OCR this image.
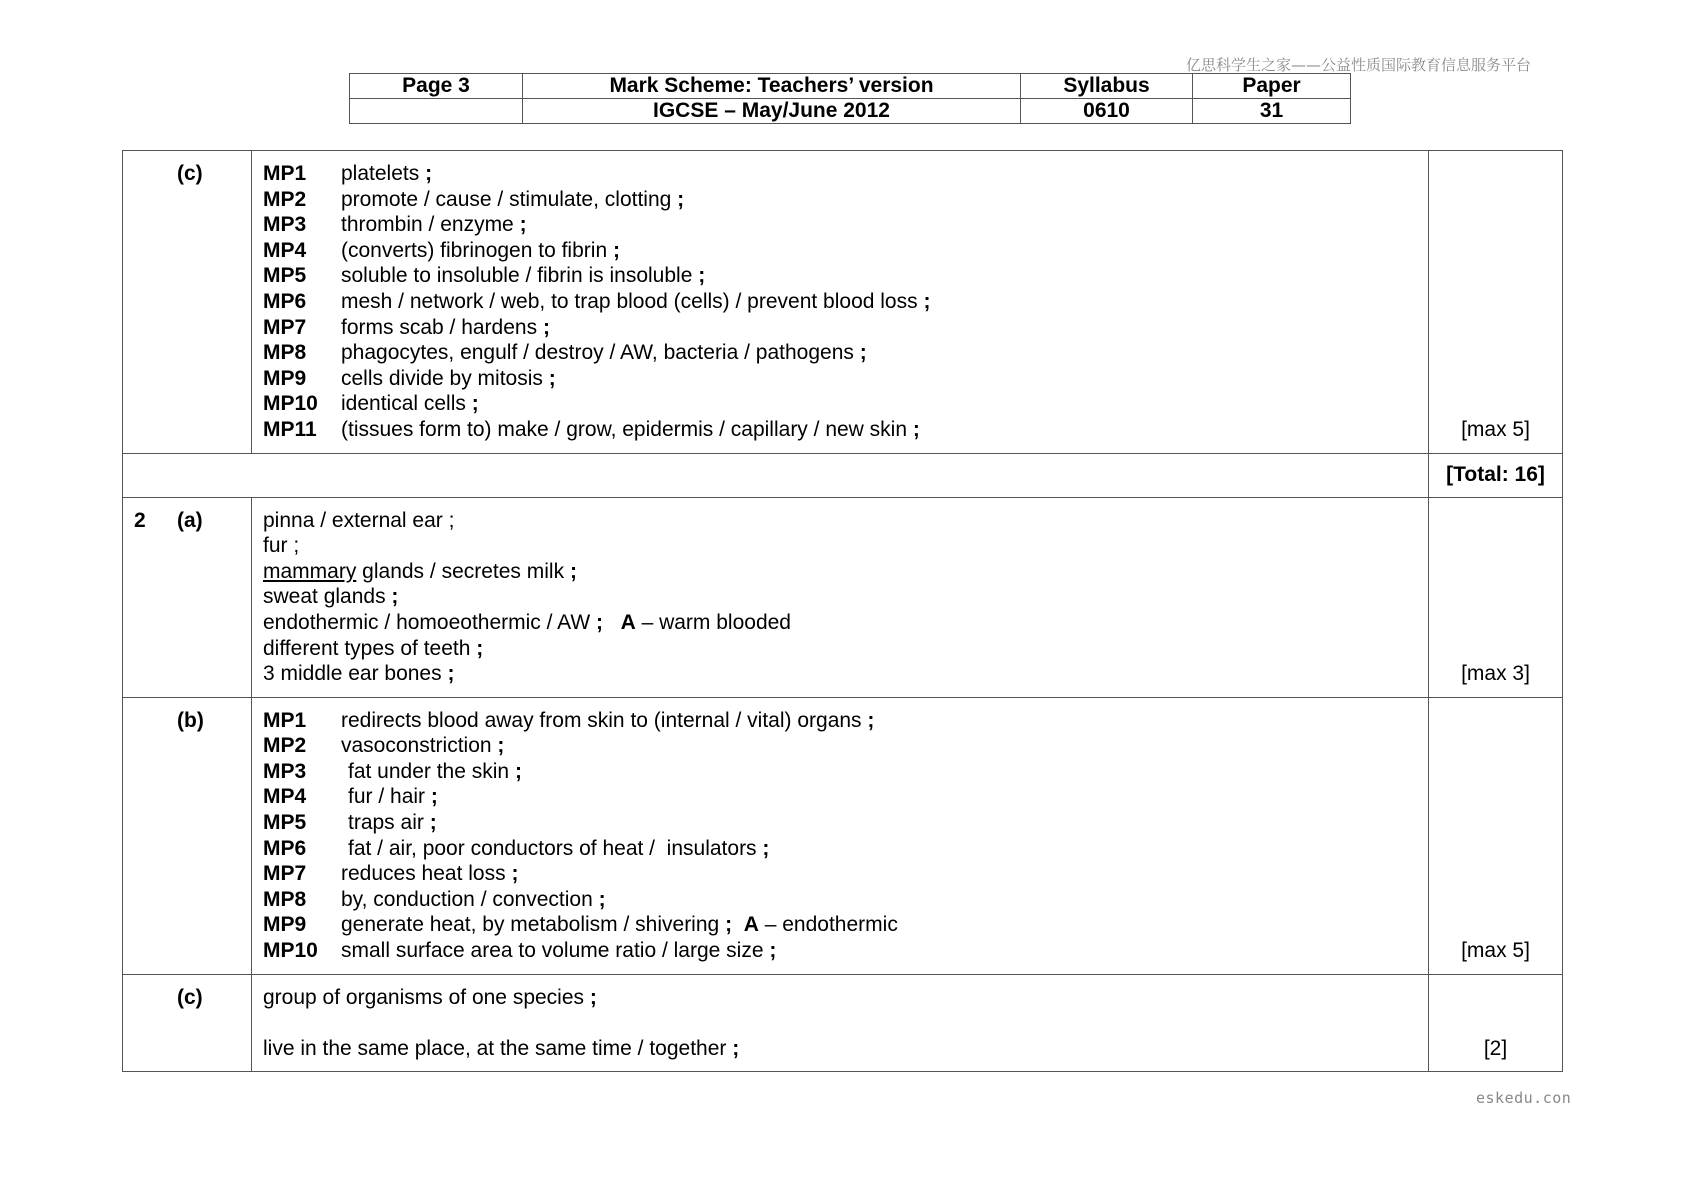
亿思科学生之家——公益性质国际教育信息服务平台
Page 3	Mark Scheme: Teachers’ version	Syllabus	Paper
	IGCSE – May/June 2012	0610	31
(c)	MP1	platelets
;
MP2	promote / cause / stimulate, clotting
;
MP3	thrombin / enzyme
;
MP4	(converts) fibrinogen to fibrin
;
MP5	soluble to insoluble / fibrin is insoluble
;
MP6	mesh / network / web, to trap blood (cells) / prevent blood loss
;
MP7	forms scab / hardens
;
MP8	phagocytes, engulf / destroy / AW, bacteria / pathogens
;
MP9	cells divide by mitosis
;
MP10	identical cells
;
MP11	(tissues form to) make / grow, epidermis / capillary / new skin
;	[max 5]
[Total: 16]
2 (a)	pinna / external ear ;
fur ;
mammary glands / secretes milk
;
sweat glands
;
endothermic / homoeothermic / AW
;
A – warm blooded
different types of teeth
;
3 middle ear bones
;	[max 3]
(b)	MP1	redirects blood away from skin to (internal / vital) organs
;
MP2	vasoconstriction
;
MP3	fat under the skin
;
MP4	fur / hair
;
MP5	traps air
;
MP6	fat / air, poor conductors of heat /  insulators
;
MP7	reduces heat loss
;
MP8	by, conduction / convection
;
MP9	generate heat, by metabolism / shivering
;
A – endothermic
MP10	small surface area to volume ratio / large size
;	[max 5]
(c)	group of organisms of one species
;
live in the same place, at the same time / together
;	[2]
eskedu.con
